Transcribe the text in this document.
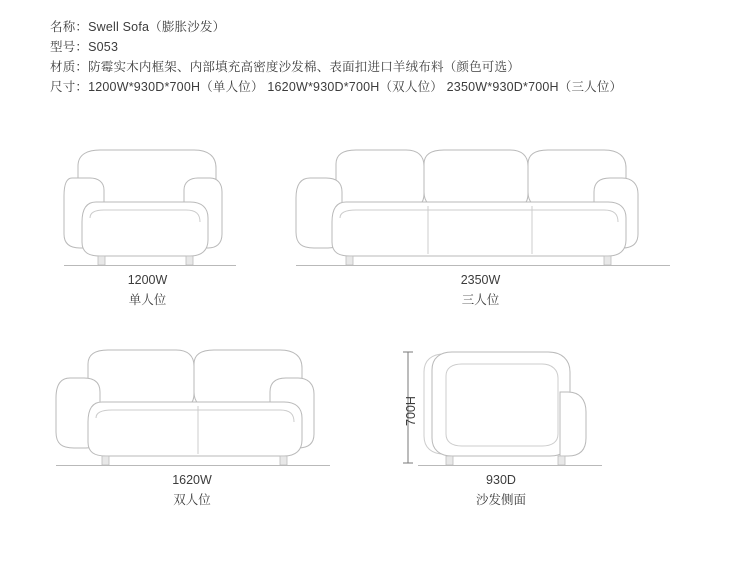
名称：Swell Sofa（膨胀沙发）
型号：S053
材质：防霉实木内框架、内部填充高密度沙发棉、表面扣进口羊绒布料（颜色可选）
尺寸：1200W*930D*700H（单人位） 1620W*930D*700H（双人位） 2350W*930D*700H（三人位）
1200W
单人位
2350W
三人位
1620W
双人位
700H
930D
沙发侧面
